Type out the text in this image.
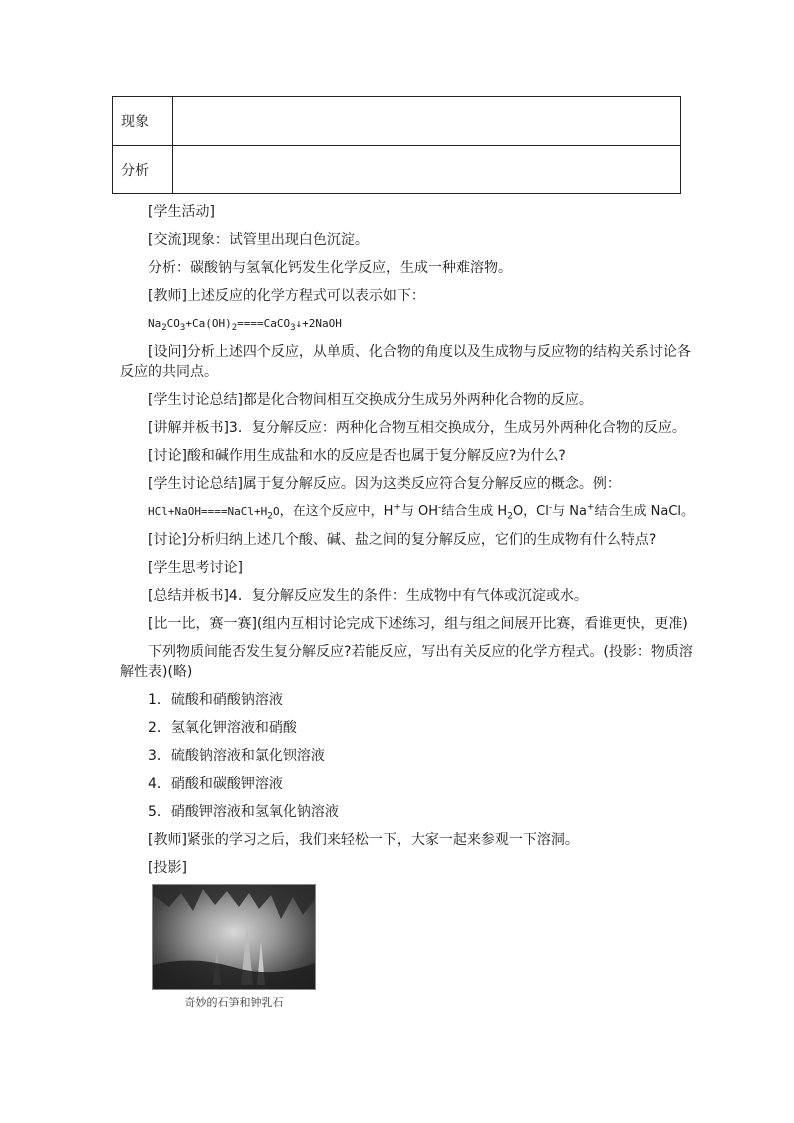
现象	
分析	

[学生活动]

[交流]现象：试管里出现白色沉淀。

分析：碳酸钠与氢氧化钙发生化学反应，生成一种难溶物。

[教师]上述反应的化学方程式可以表示如下：

$Na_2CO_3+Ca(OH)_2====CaCO_3↓+2NaOH$

[设问]分析上述四个反应，从单质、化合物的角度以及生成物与反应物的结构关系讨论各反应的共同点。

[学生讨论总结]都是化合物间相互交换成分生成另外两种化合物的反应。

[讲解并板书]3．复分解反应：两种化合物互相交换成分，生成另外两种化合物的反应。

[讨论]酸和碱作用生成盐和水的反应是否也属于复分解反应?为什么?

[学生讨论总结]属于复分解反应。因为这类反应符合复分解反应的概念。例：

$HCl+NaOH====NaCl+H_2O$，在这个反应中，H+与 OH-结合生成 $H_2O$，Cl-与 Na+结合生成 NaCl。

[讨论]分析归纳上述几个酸、碱、盐之间的复分解反应，它们的生成物有什么特点?

[学生思考讨论]

[总结并板书]4．复分解反应发生的条件：生成物中有气体或沉淀或水。

[比一比，赛一赛](组内互相讨论完成下述练习，组与组之间展开比赛，看谁更快，更准)

下列物质间能否发生复分解反应?若能反应，写出有关反应的化学方程式。(投影：物质溶解性表)(略)

1．硫酸和硝酸钠溶液

2．氢氧化钾溶液和硝酸

3．硫酸钠溶液和氯化钡溶液

4．硝酸和碳酸钾溶液

5．硝酸钾溶液和氢氧化钠溶液

[教师]紧张的学习之后，我们来轻松一下，大家一起来参观一下溶洞。

[投影]

奇妙的石笋和钟乳石
